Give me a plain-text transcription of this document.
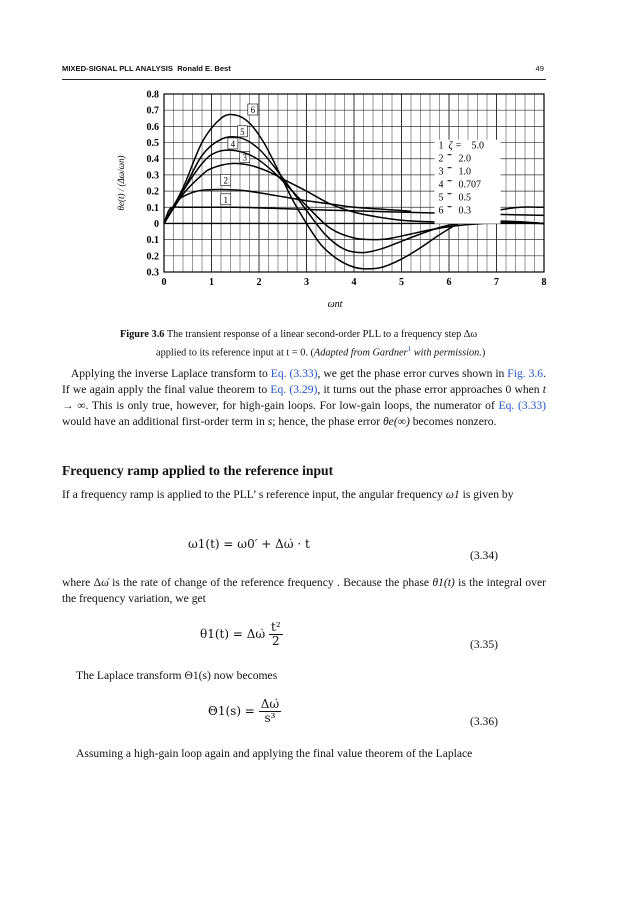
MIXED-SIGNAL PLL ANALYSIS Ronald E. Best	49
1
2
3
4
5
6
0.8
0.7
0.6
0.5
0.4
0.3
0.2
0.1
0
0.1
0.2
0.3
0	1	2	3	4	5	6	7	8
ωnt
θe(t) / (Δω/ωn)
1 ζ = 5.0
2 2.0
3 1.0
4 0.707
5 0.5
6 0.3
Figure 3.6 The transient response of a linear second-order PLL to a frequency step Δω
applied to its reference input at t = 0. (Adapted from Gardner$^1$ with permission.)
Applying the inverse Laplace transform to Eq. (3.33), we get the phase error curves shown in Fig. 3.6. If we again apply the final value theorem to Eq. (3.29), it turns out the phase error approaches 0 when t → ∞. This is only true, however, for high-gain loops. For low-gain loops, the numerator of Eq. (3.33) would have an additional first-order term in s; hence, the phase error θe(∞) becomes nonzero.
Frequency ramp applied to the reference input
If a frequency ramp is applied to the PLL’ s reference input, the angular frequency ω1 is given by
ω1(t) = ω0′ + Δω̇ · t
(3.34)
where Δω̇ is the rate of change of the reference frequency . Because the phase θ1(t) is the integral over the frequency variation, we get
θ1(t) = Δω̇ $\frac{\text{t²}}{2}$	(3.35)
The Laplace transform Θ1(s) now becomes
$\Theta 1(s) = \frac{\Delta\omegȧ}{\text{s³}}$	(3.36)
Assuming a high-gain loop again and applying the final value theorem of the Laplace
